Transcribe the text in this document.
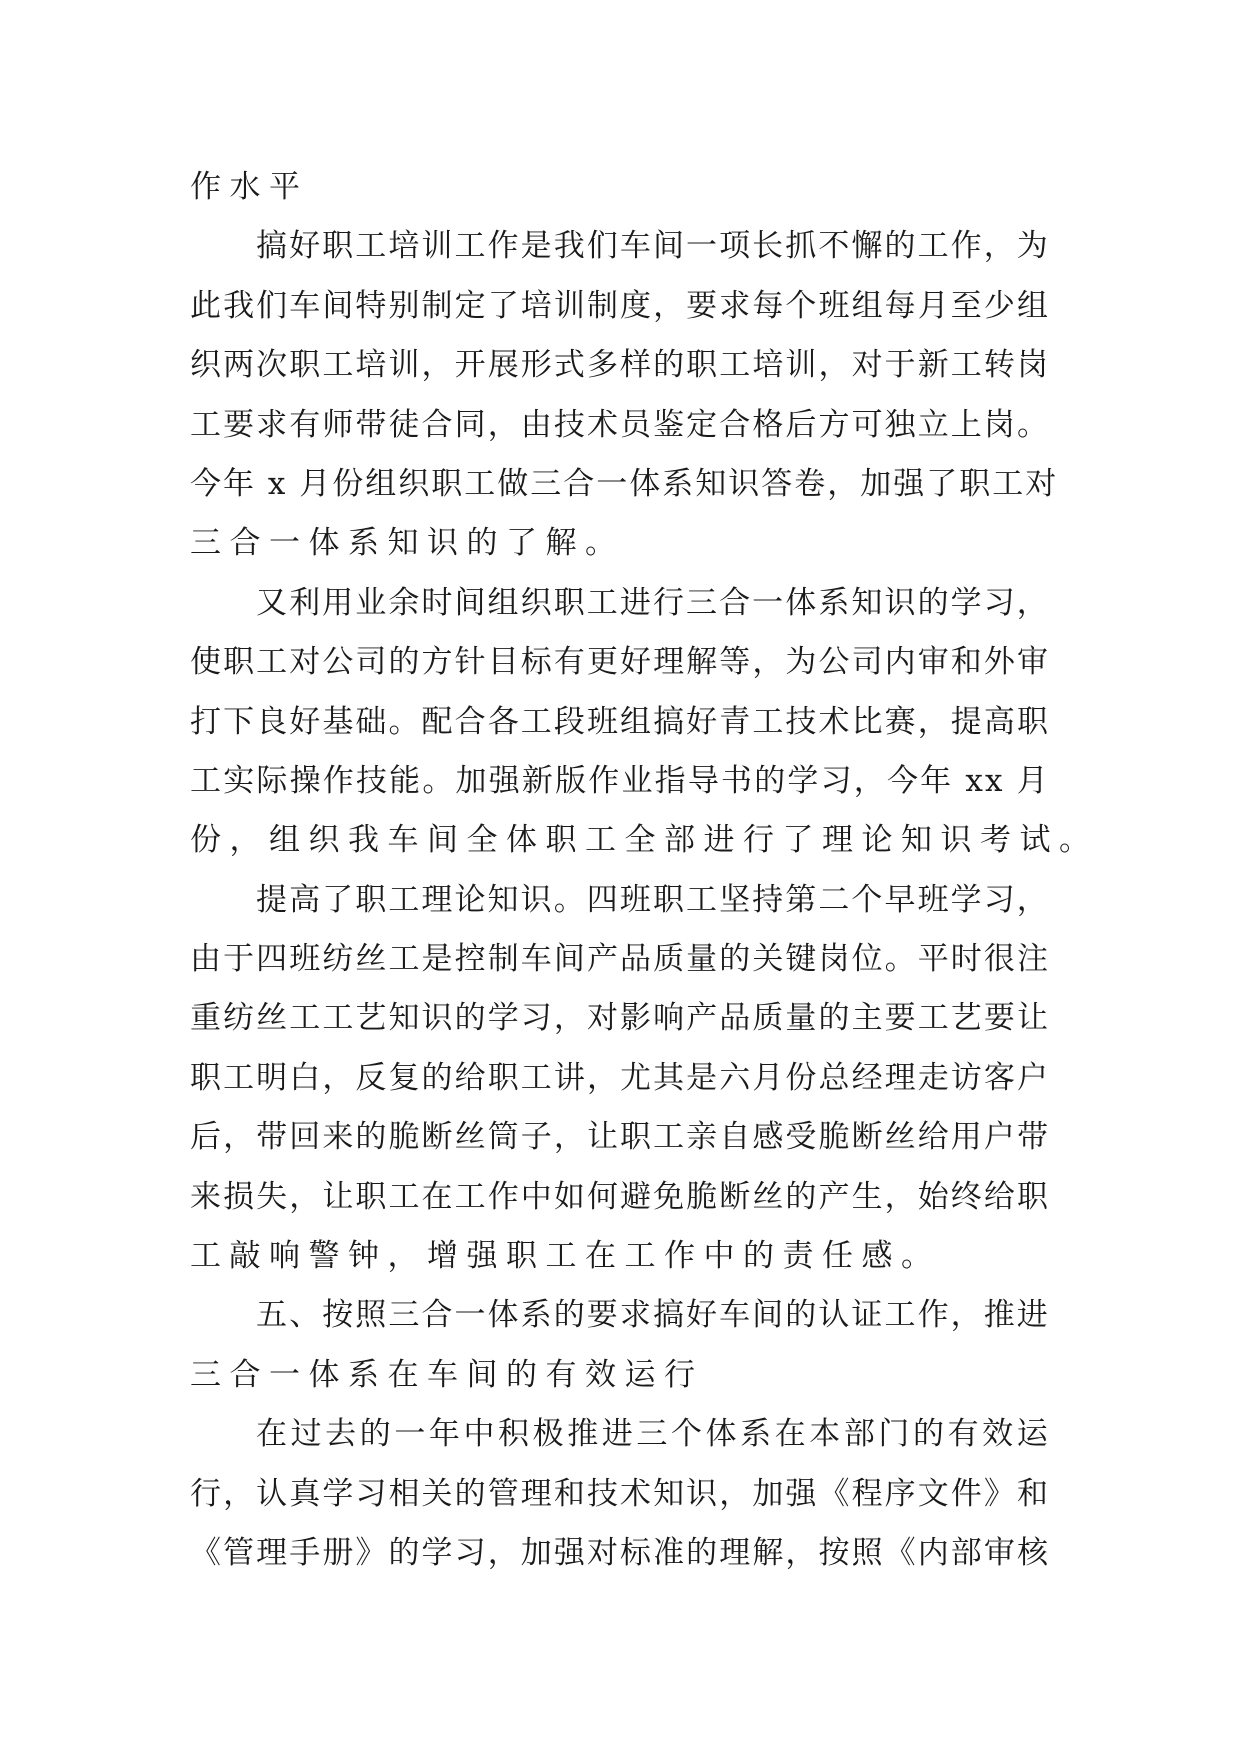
作水平
搞 好 职 工 培 训 工 作 是 我 们 车 间 一 项 长 抓 不 懈 的 工 作 ， 为
此 我 们 车 间 特 别 制 定 了 培 训 制 度 ， 要 求 每 个 班 组 每 月 至 少 组
织 两 次 职 工 培 训 ， 开 展 形 式 多 样 的 职 工 培 训 ， 对 于 新 工 转 岗
工 要 求 有 师 带 徒 合 同 ， 由 技 术 员 鉴 定 合 格 后 方 可 独 立 上 岗 。
今 年
x
月 份 组 织 职 工 做 三 合 一 体 系 知 识 答 卷 ， 加 强 了 职 工 对
三合一体系知识的了解。
又 利 用 业 余 时 间 组 织 职 工 进 行 三 合 一 体 系 知 识 的 学 习 ，
使 职 工 对 公 司 的 方 针 目 标 有 更 好 理 解 等 ， 为 公 司 内 审 和 外 审
打 下 良 好 基 础 。 配 合 各 工 段 班 组 搞 好 青 工 技 术 比 赛 ， 提 高 职
工 实 际 操 作 技 能 。 加 强 新 版 作 业 指 导 书 的 学 习 ， 今 年
x x
月
份，组织我车间全体职工全部进行了理论知识考试。
提 高 了 职 工 理 论 知 识 。 四 班 职 工 坚 持 第 二 个 早 班 学 习 ，
由 于 四 班 纺 丝 工 是 控 制 车 间 产 品 质 量 的 关 键 岗 位 。 平 时 很 注
重 纺 丝 工 工 艺 知 识 的 学 习 ， 对 影 响 产 品 质 量 的 主 要 工 艺 要 让
职 工 明 白 ， 反 复 的 给 职 工 讲 ， 尤 其 是 六 月 份 总 经 理 走 访 客 户
后 ， 带 回 来 的 脆 断 丝 筒 子 ， 让 职 工 亲 自 感 受 脆 断 丝 给 用 户 带
来 损 失 ， 让 职 工 在 工 作 中 如 何 避 免 脆 断 丝 的 产 生 ， 始 终 给 职
工敲响警钟，增强职工在工作中的责任感。
五 、 按 照 三 合 一 体 系 的 要 求 搞 好 车 间 的 认 证 工 作 ， 推 进
三合一体系在车间的有效运行
在 过 去 的 一 年 中 积 极 推 进 三 个 体 系 在 本 部 门 的 有 效 运
行 ， 认 真 学 习 相 关 的 管 理 和 技 术 知 识 ， 加 强 《 程 序 文 件 》 和
《 管 理 手 册 》 的 学 习 ， 加 强 对 标 准 的 理 解 ， 按 照 《 内 部 审 核
